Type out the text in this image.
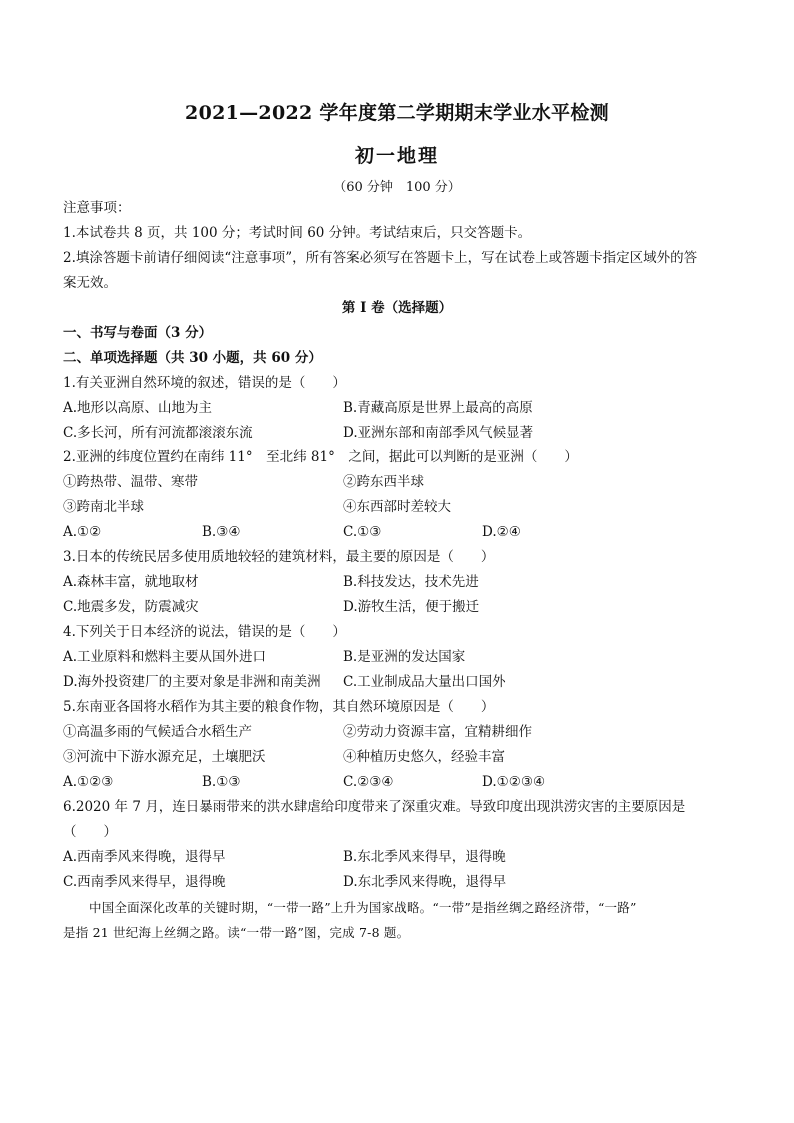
2021—2022 学年度第二学期期末学业水平检测
初一地理
（60 分钟　100 分）
注意事项：
1.本试卷共 8 页，共 100 分；考试时间 60 分钟。考试结束后，只交答题卡。
2.填涂答题卡前请仔细阅读“注意事项”，所有答案必须写在答题卡上，写在试卷上或答题卡指定区域外的答
案无效。
第 I 卷（选择题）
一、书写与卷面（3 分）
二、单项选择题（共 30 小题，共 60 分）
1.有关亚洲自然环境的叙述，错误的是（　　）
A.地形以高原、山地为主	B.青藏高原是世界上最高的高原
C.多长河，所有河流都滚滚东流	D.亚洲东部和南部季风气候显著
2.亚洲的纬度位置约在南纬 11°　至北纬 81°　之间，据此可以判断的是亚洲（　　）
①跨热带、温带、寒带	②跨东西半球
③跨南北半球	④东西部时差较大
A.①②	B.③④	C.①③	D.②④
3.日本的传统民居多使用质地较轻的建筑材料，最主要的原因是（　　）
A.森林丰富，就地取材	B.科技发达，技术先进
C.地震多发，防震减灾	D.游牧生活，便于搬迁
4.下列关于日本经济的说法，错误的是（　　）
A.工业原料和燃料主要从国外进口	B.是亚洲的发达国家
D.海外投资建厂的主要对象是非洲和南美洲 C.工业制成品大量出口国外
5.东南亚各国将水稻作为其主要的粮食作物，其自然环境原因是（　　）
①高温多雨的气候适合水稻生产	②劳动力资源丰富，宜精耕细作
③河流中下游水源充足，土壤肥沃	④种植历史悠久，经验丰富
A.①②③	B.①③	C.②③④	D.①②③④
6.2020 年 7 月，连日暴雨带来的洪水肆虐给印度带来了深重灾难。导致印度出现洪涝灾害的主要原因是
（　　）
A.西南季风来得晚，退得早	B.东北季风来得早，退得晚
C.西南季风来得早，退得晚	D.东北季风来得晚，退得早
中国全面深化改革的关键时期，“一带一路”上升为国家战略。“一带”是指丝绸之路经济带，“一路”
是指 21 世纪海上丝绸之路。读“一带一路”图，完成 7-8 题。
